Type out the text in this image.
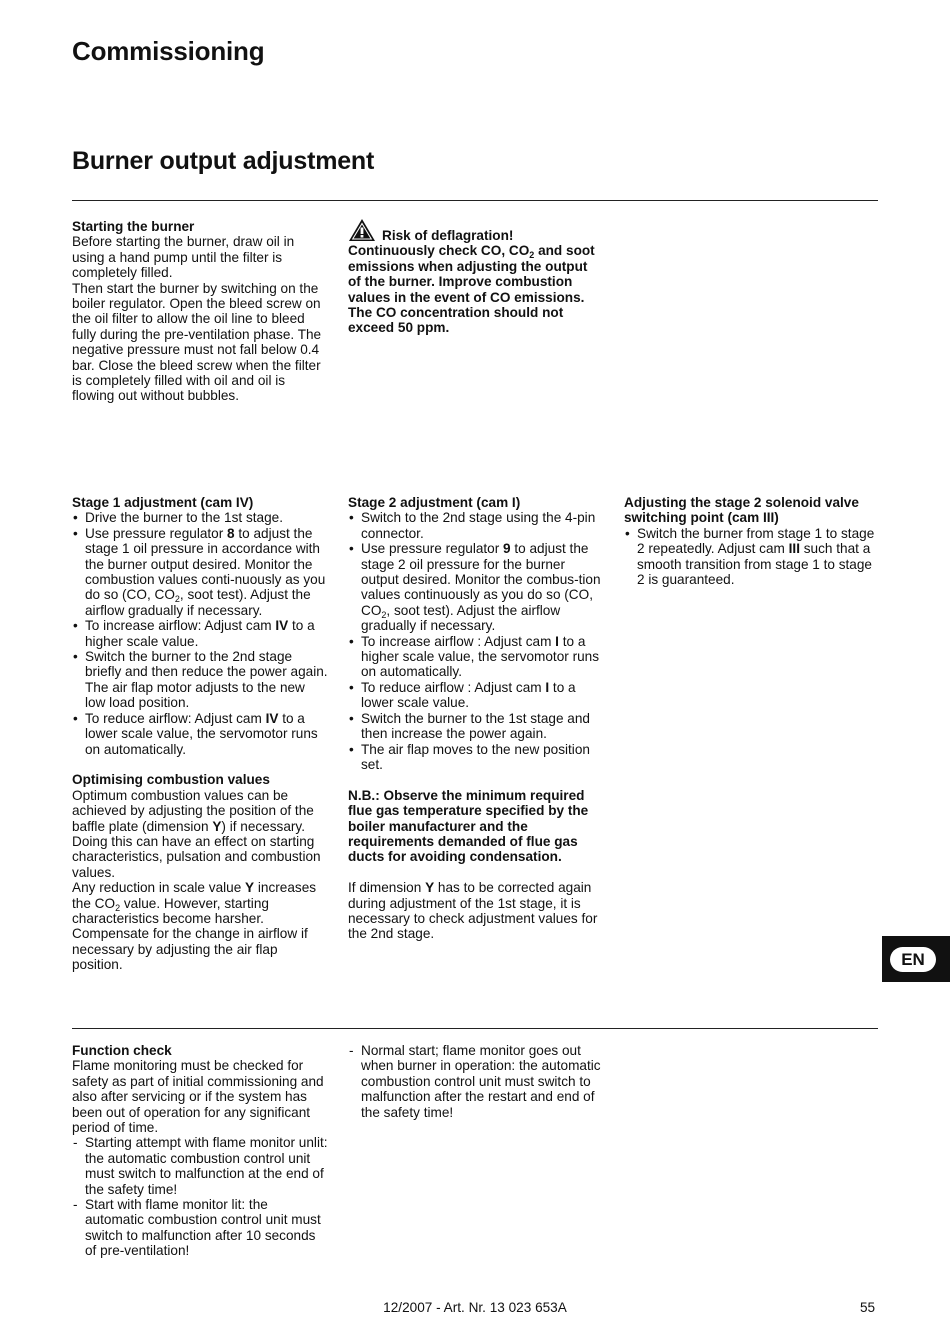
Commissioning
Burner output adjustment

Starting the burner

Before starting the burner, draw oil in using a hand pump until the filter is completely filled.

Then start the burner by switching on the boiler regulator. Open the bleed screw on the oil filter to allow the oil line to bleed fully during the pre-ventilation phase. The negative pressure must not fall below 0.4 bar. Close the bleed screw when the filter is completely filled with oil and oil is flowing out without bubbles.

Risk of deflagration!

Continuously check CO, $CO_2$ and soot emissions when adjusting the output of the burner. Improve combustion values in the event of CO emissions. The CO concentration should not exceed 50 ppm.

Stage 1 adjustment (cam IV)

• Drive the burner to the 1st stage.
• Use pressure regulator 8 to adjust the stage 1 oil pressure in accordance with the burner output desired. Monitor the combustion values conti-nuously as you do so (CO, $CO_2$, soot test). Adjust the airflow gradually if necessary.
• To increase airflow: Adjust cam IV to a higher scale value.
• Switch the burner to the 2nd stage briefly and then reduce the power again. The air flap motor adjusts to the new low load position.
• To reduce airflow: Adjust cam IV to a lower scale value, the servomotor runs on automatically.

Optimising combustion values

Optimum combustion values can be achieved by adjusting the position of the baffle plate (dimension Y) if necessary. Doing this can have an effect on starting characteristics, pulsation and combustion values.

Any reduction in scale value Y increases the $CO_2$ value. However, starting characteristics become harsher. Compensate for the change in airflow if necessary by adjusting the air flap position.

Stage 2 adjustment (cam I)

• Switch to the 2nd stage using the 4-pin connector.
• Use pressure regulator 9 to adjust the stage 2 oil pressure for the burner output desired. Monitor the combus-tion values continuously as you do so (CO, $CO_2$, soot test). Adjust the airflow gradually if necessary.
• To increase airflow : Adjust cam I to a higher scale value, the servomotor runs on automatically.
• To reduce airflow : Adjust cam I to a lower scale value.
• Switch the burner to the 1st stage and then increase the power again.
• The air flap moves to the new position set.

N.B.: Observe the minimum required flue gas temperature specified by the boiler manufacturer and the requirements demanded of flue gas ducts for avoiding condensation.

If dimension Y has to be corrected again during adjustment of the 1st stage, it is necessary to check adjustment values for the 2nd stage.

Adjusting the stage 2 solenoid valve switching point (cam III)

• Switch the burner from stage 1 to stage 2 repeatedly. Adjust cam III such that a smooth transition from stage 1 to stage 2 is guaranteed.
EN

Function check

Flame monitoring must be checked for safety as part of initial commissioning and also after servicing or if the system has been out of operation for any significant period of time.

- Starting attempt with flame monitor unlit: the automatic combustion control unit must switch to malfunction at the end of the safety time!
- Start with flame monitor lit: the automatic combustion control unit must switch to malfunction after 10 seconds of pre-ventilation!
- Normal start; flame monitor goes out when burner in operation: the automatic combustion control unit must switch to malfunction after the restart and end of the safety time!
12/2007 - Art. Nr. 13 023 653A	55
